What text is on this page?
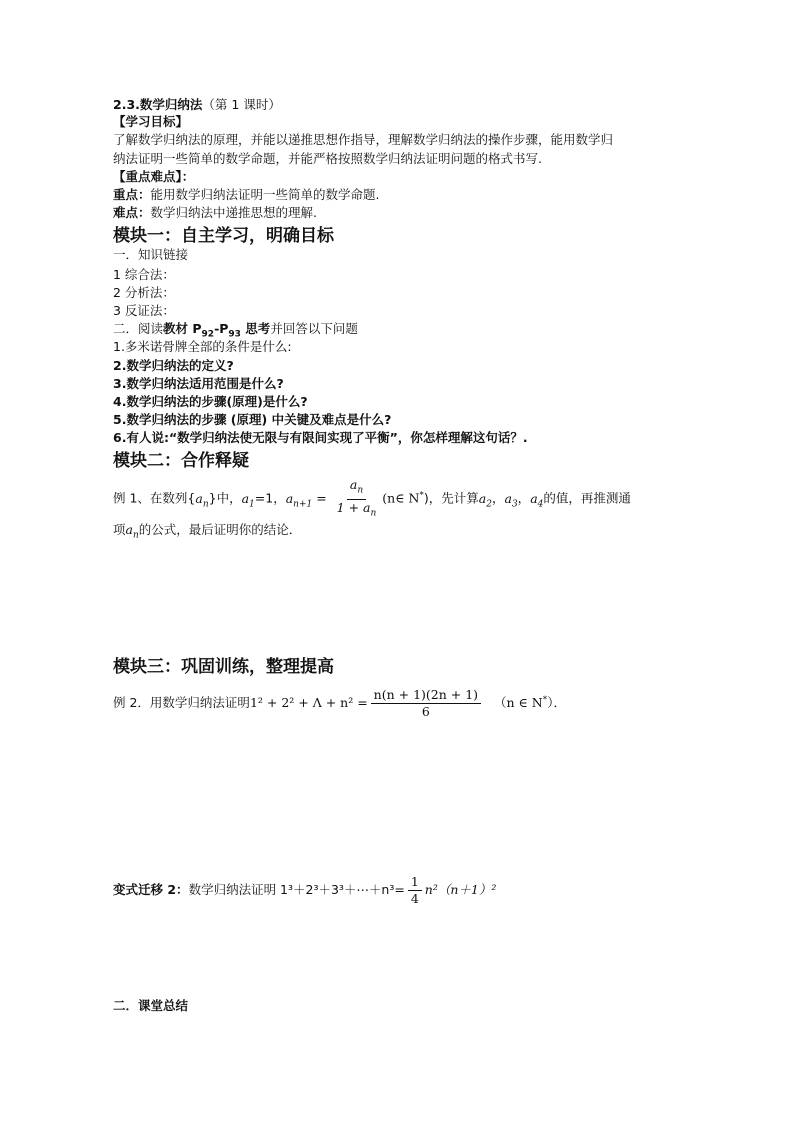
2.3.数学归纳法（第 1 课时）
【学习目标】
了解数学归纳法的原理，并能以递推思想作指导，理解数学归纳法的操作步骤，能用数学归
纳法证明一些简单的数学命题，并能严格按照数学归纳法证明问题的格式书写.
【重点难点】：
重点：能用数学归纳法证明一些简单的数学命题.
难点：数学归纳法中递推思想的理解.
模块一：自主学习，明确目标
一．知识链接
1 综合法：
2 分析法：
3 反证法：
二．阅读教材 $P_{92}-P_{93}$ 思考并回答以下问题
1.多米诺骨牌全部的条件是什么:
2.数学归纳法的定义?
3.数学归纳法适用范围是什么?
4.数学归纳法的步骤(原理)是什么?
5.数学归纳法的步骤 (原理) 中关键及难点是什么?
6.有人说:“数学归纳法使无限与有限间实现了平衡”，你怎样理解这句话？.
模块二：合作释疑
例 1、在数列$\{a_n\}$中，$a_1=1$，$a_{n+1} = \frac{a_n}{1 + a_n}$ (n∈ N*)，先计算$a_2$，$a_3$，$a_4$的值，再推测通
项$a_n$的公式，最后证明你的结论．
模块三：巩固训练，整理提高
例 2．用数学归纳法证明$1^2 + 2^2 + \Lambda + n^2 = \frac{n(n + 1)(2n + 1)}{6} (n$ ∈ N*）．
变式迁移 2：数学归纳法证明 1³＋2³＋3³＋⋯＋n³= $\frac{1}{4} n^2(n+1)^2$
二．课堂总结
